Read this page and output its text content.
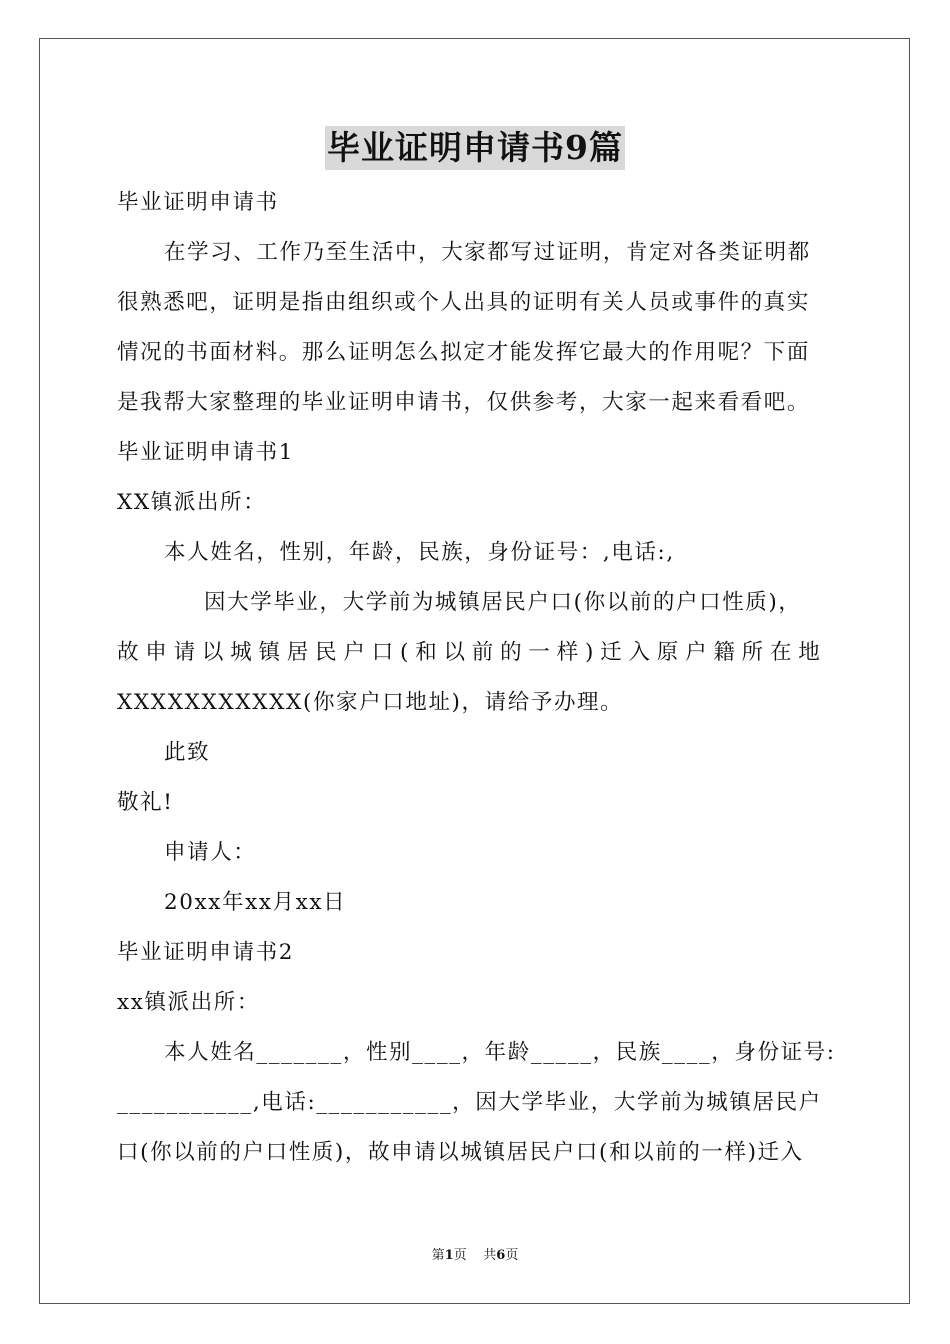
毕业证明申请书9篇
毕业证明申请书
在学习、工作乃至生活中，大家都写过证明，肯定对各类证明都
很熟悉吧，证明是指由组织或个人出具的证明有关人员或事件的真实
情况的书面材料。那么证明怎么拟定才能发挥它最大的作用呢？下面
是我帮大家整理的毕业证明申请书，仅供参考，大家一起来看看吧。
毕业证明申请书1
XX镇派出所：
本人姓名，性别，年龄，民族，身份证号：,电话:,
因大学毕业，大学前为城镇居民户口(你以前的户口性质)，
故申请以城镇居民户口(和以前的一样)迁入原户籍所在地
XXXXXXXXXXX(你家户口地址)，请给予办理。
此致
敬礼!
申请人：
20xx年xx月xx日
毕业证明申请书2
xx镇派出所：
本人姓名_______，性别____，年龄_____，民族____，身份证号:
___________,电话:___________，因大学毕业，大学前为城镇居民户
口(你以前的户口性质)，故申请以城镇居民户口(和以前的一样)迁入
第1页 共6页
